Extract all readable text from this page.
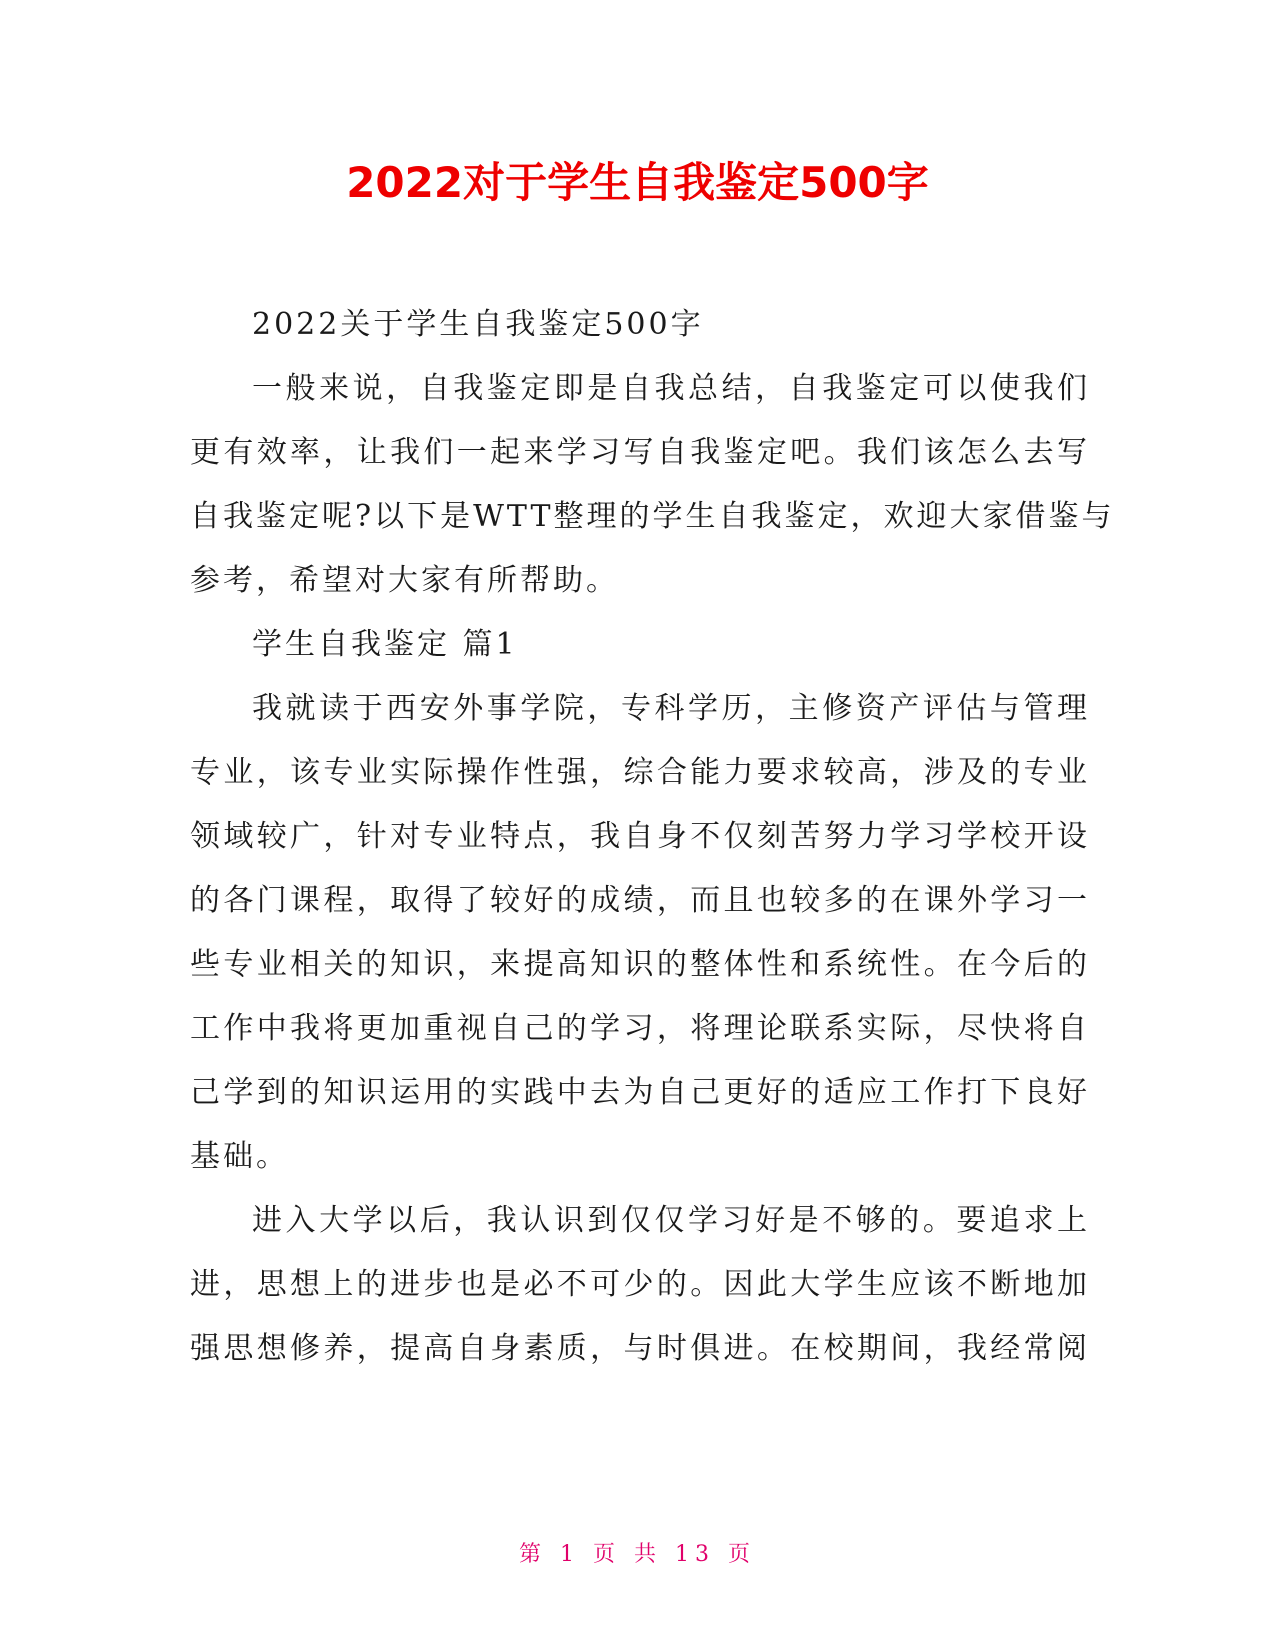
2022对于学生自我鉴定500字
2022关于学生自我鉴定500字
一般来说，自我鉴定即是自我总结，自我鉴定可以使我们
更有效率，让我们一起来学习写自我鉴定吧。我们该怎么去写
自我鉴定呢?以下是WTT整理的学生自我鉴定，欢迎大家借鉴与
参考，希望对大家有所帮助。
学生自我鉴定 篇1
我就读于西安外事学院，专科学历，主修资产评估与管理
专业，该专业实际操作性强，综合能力要求较高，涉及的专业
领域较广，针对专业特点，我自身不仅刻苦努力学习学校开设
的各门课程，取得了较好的成绩，而且也较多的在课外学习一
些专业相关的知识，来提高知识的整体性和系统性。在今后的
工作中我将更加重视自己的学习，将理论联系实际，尽快将自
己学到的知识运用的实践中去为自己更好的适应工作打下良好
基础。
进入大学以后，我认识到仅仅学习好是不够的。要追求上
进，思想上的进步也是必不可少的。因此大学生应该不断地加
强思想修养，提高自身素质，与时俱进。在校期间，我经常阅
第 1 页 共 13 页
